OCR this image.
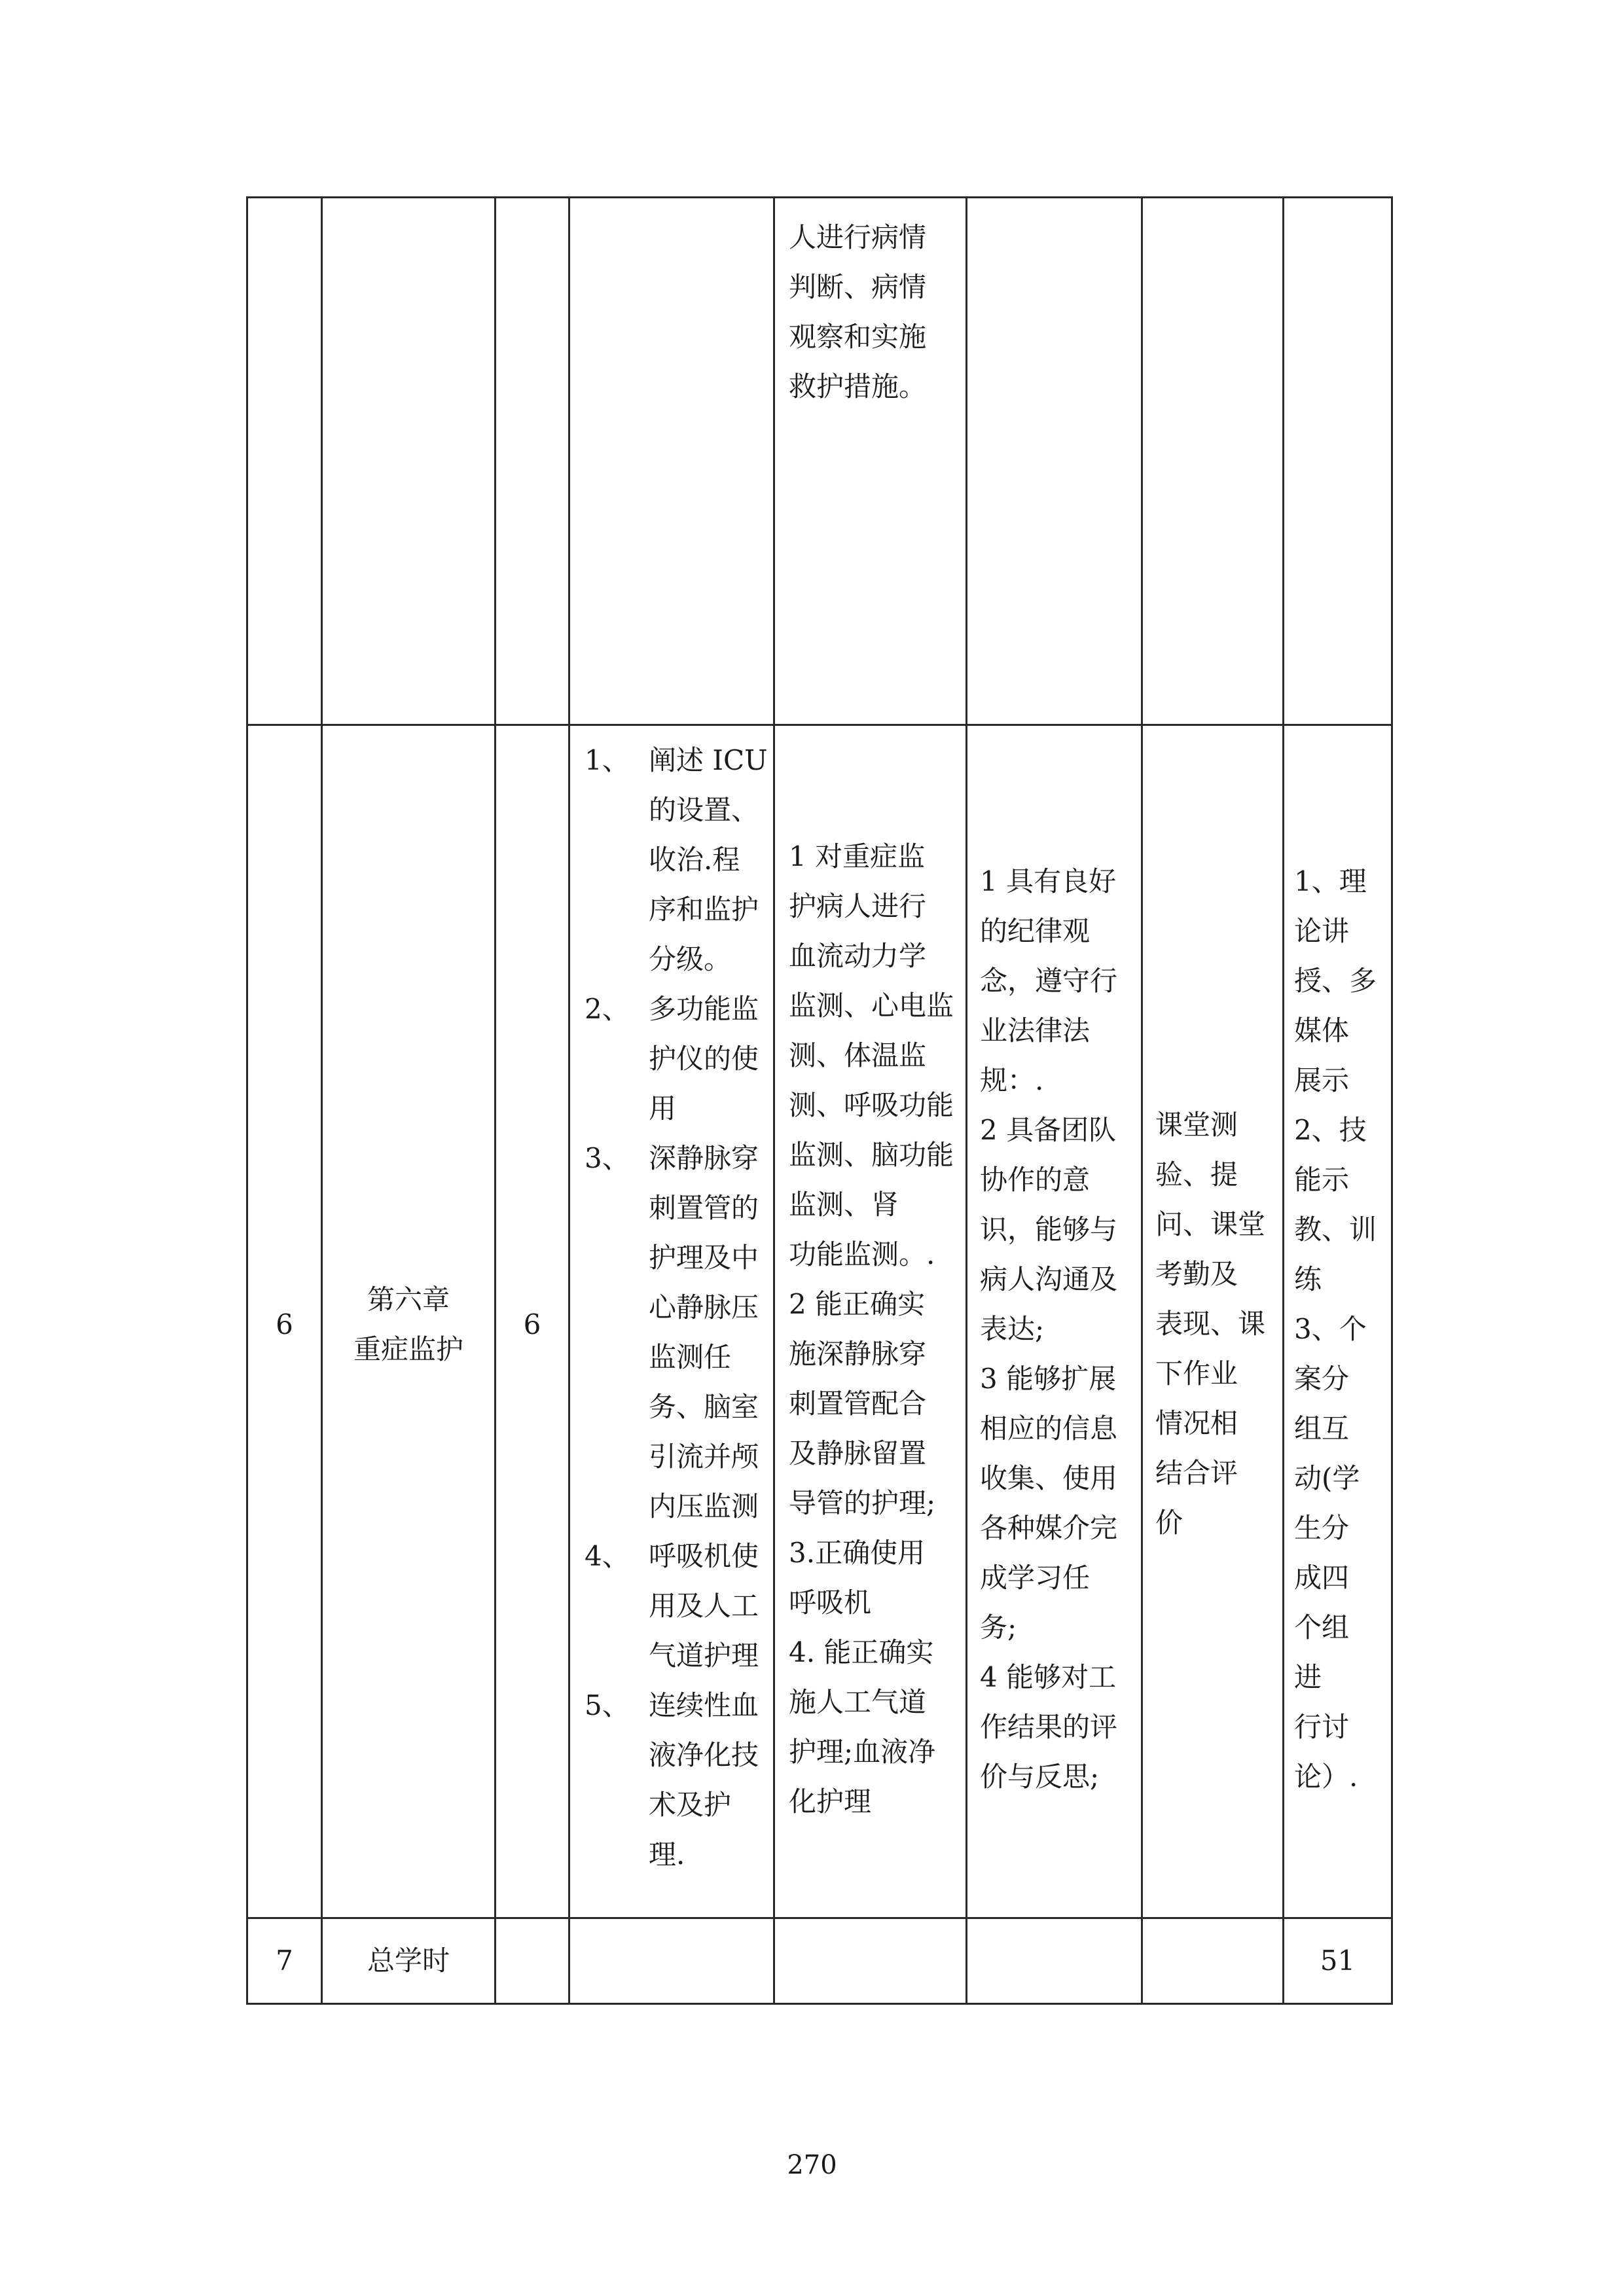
人进行病情
判断、病情
观察和实施
救护措施。
6
第六章
重症监护
6
1、 阐述 ICU
的设置、
收治.程
序和监护
分级。
2、 多功能监
护仪的使
用
3、 深静脉穿
刺置管的
护理及中
心静脉压
监测任
务、脑室
引流并颅
内压监测
4、 呼吸机使
用及人工
气道护理
5、 连续性血
液净化技
术及护
理.
1 对重症监
护病人进行
血流动力学
监测、心电监
测、体温监
测、呼吸功能
监测、脑功能
监测、肾
功能监测。.
2 能正确实
施深静脉穿
刺置管配合
及静脉留置
导管的护理;
3.正确使用
呼吸机
4. 能正确实
施人工气道
护理;血液净
化护理
1 具有良好
的纪律观
念，遵守行
业法律法
规：.
2 具备团队
协作的意
识，能够与
病人沟通及
表达;
3 能够扩展
相应的信息
收集、使用
各种媒介完
成学习任
务;
4 能够对工
作结果的评
价与反思;
课堂测
验、提
问、课堂
考勤及
表现、课
下作业
情况相
结合评
价
1、理
论讲
授、多
媒体
展示
2、技
能示
教、训
练
3、个
案分
组互
动(学
生分
成四
个组
进
行讨
论）.
7	总学时	51
270
